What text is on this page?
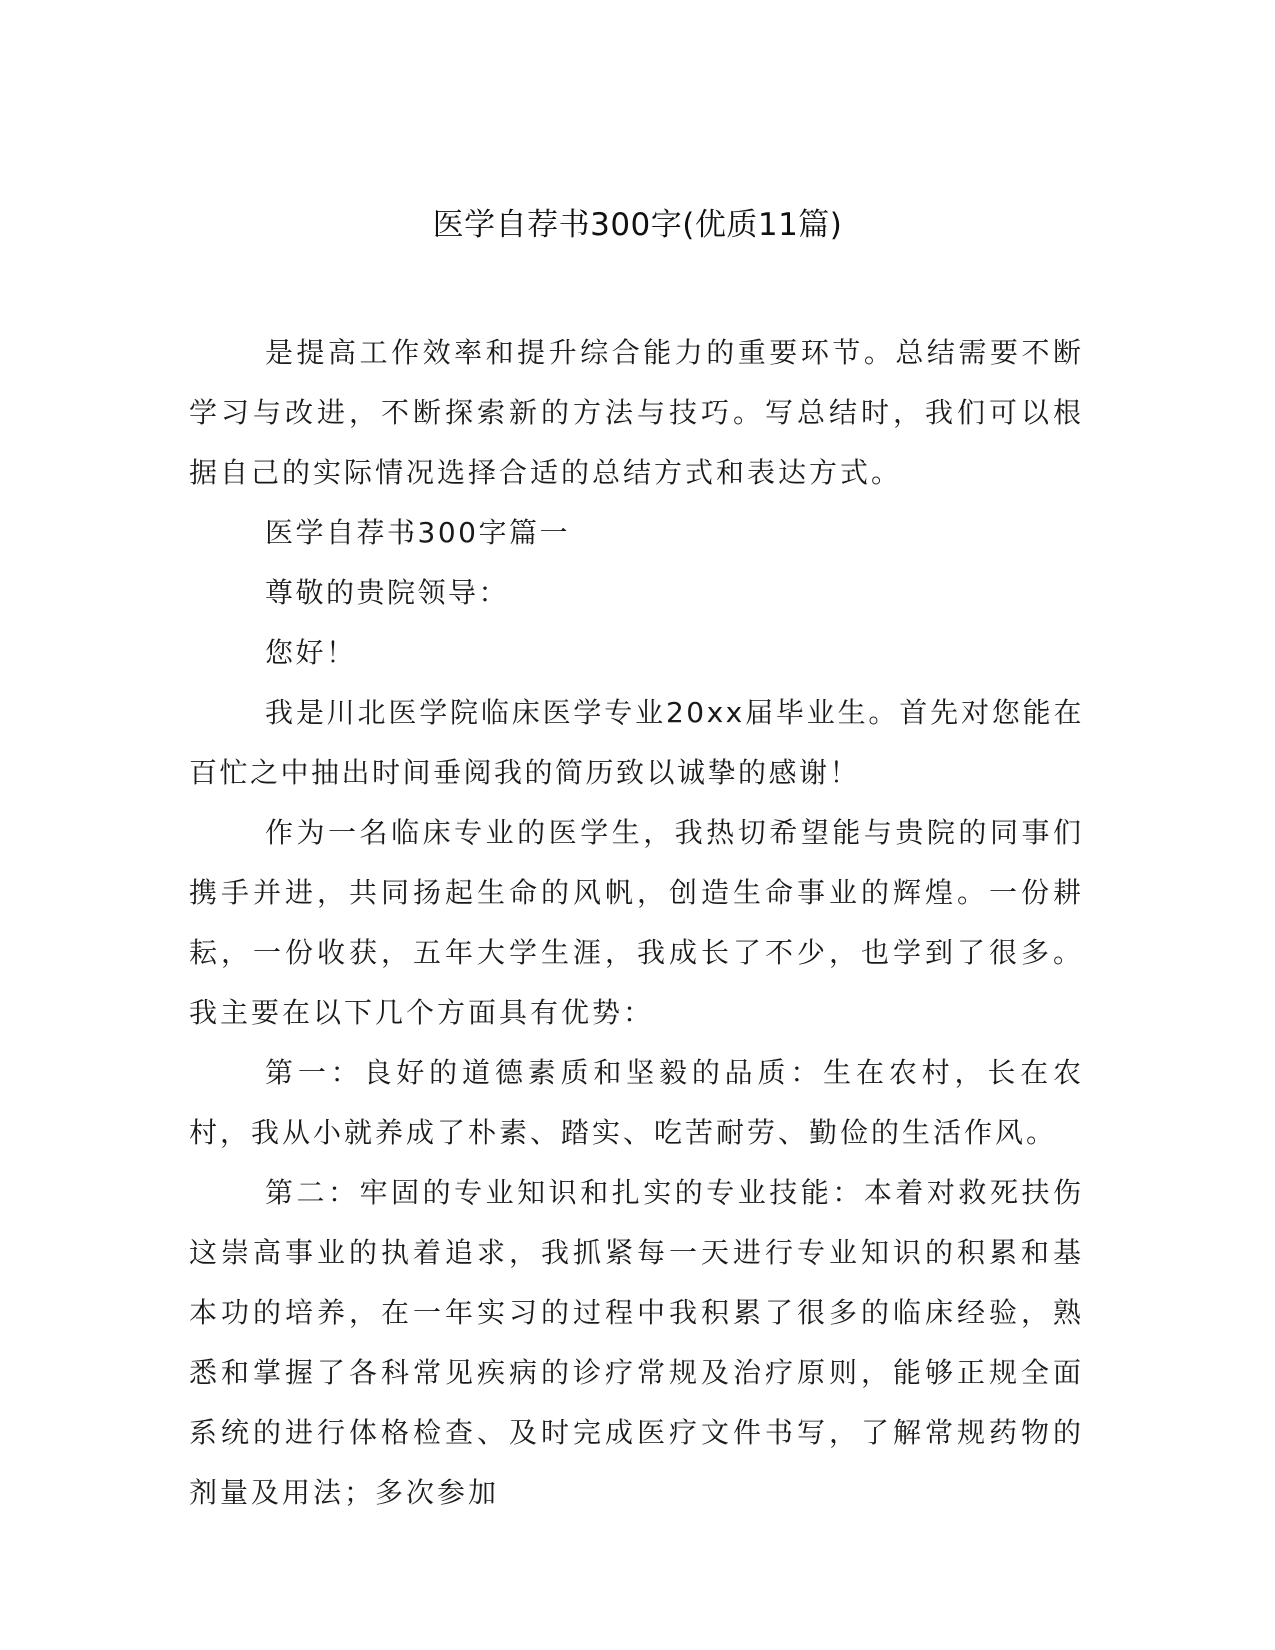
医学自荐书300字(优质11篇)

是提高工作效率和提升综合能力的重要环节。总结需要不断学习与改进，不断探索新的方法与技巧。写总结时，我们可以根据自己的实际情况选择合适的总结方式和表达方式。

医学自荐书300字篇一

尊敬的贵院领导：

您好！

我是川北医学院临床医学专业20xx届毕业生。首先对您能在百忙之中抽出时间垂阅我的简历致以诚挚的感谢！

作为一名临床专业的医学生，我热切希望能与贵院的同事们携手并进，共同扬起生命的风帆，创造生命事业的辉煌。一份耕耘，一份收获，五年大学生涯，我成长了不少，也学到了很多。我主要在以下几个方面具有优势：

第一：良好的道德素质和坚毅的品质：生在农村，长在农村，我从小就养成了朴素、踏实、吃苦耐劳、勤俭的生活作风。

第二：牢固的专业知识和扎实的专业技能：本着对救死扶伤这崇高事业的执着追求，我抓紧每一天进行专业知识的积累和基本功的培养，在一年实习的过程中我积累了很多的临床经验，熟悉和掌握了各科常见疾病的诊疗常规及治疗原则，能够正规全面系统的进行体格检查、及时完成医疗文件书写，了解常规药物的剂量及用法；多次参加
